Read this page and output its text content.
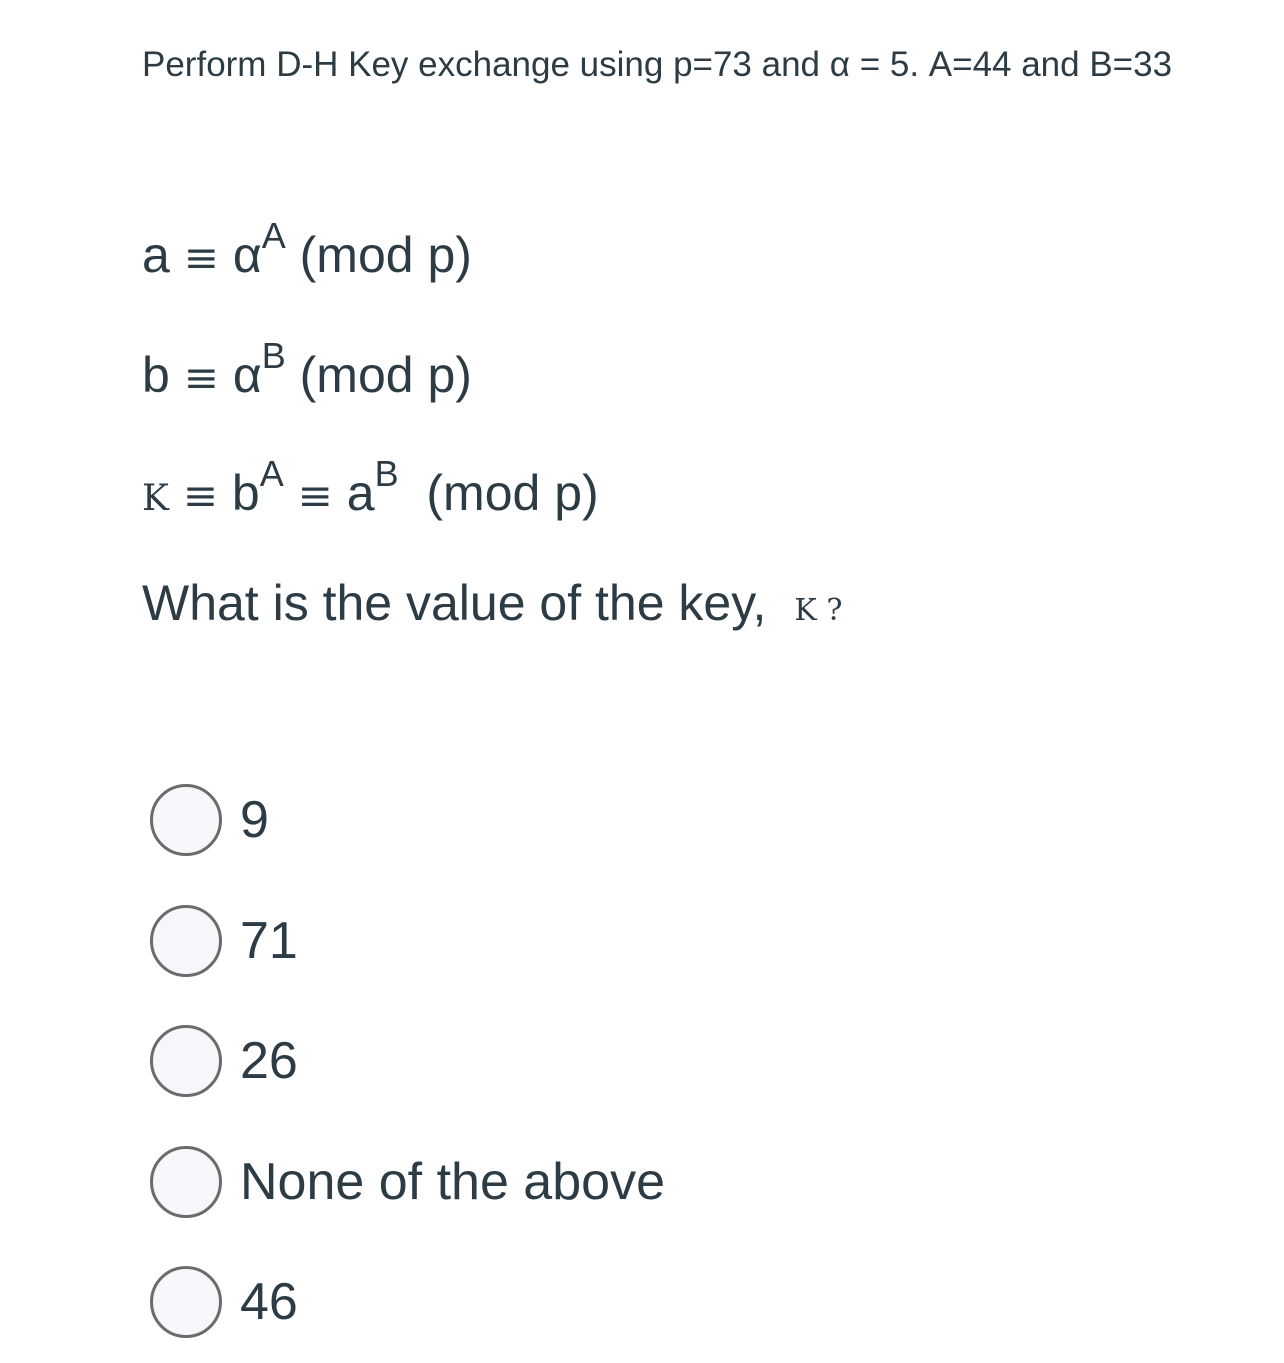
Perform D-H Key exchange using p=73 and α = 5. A=44 and B=33
$a \equiv \alpha^A$ (mod p)
$b \equiv \alpha^B$ (mod p)
$K \equiv b^A \equiv a^B$ (mod p)
What is the value of the key, K ?
9
71
26
None of the above
46
